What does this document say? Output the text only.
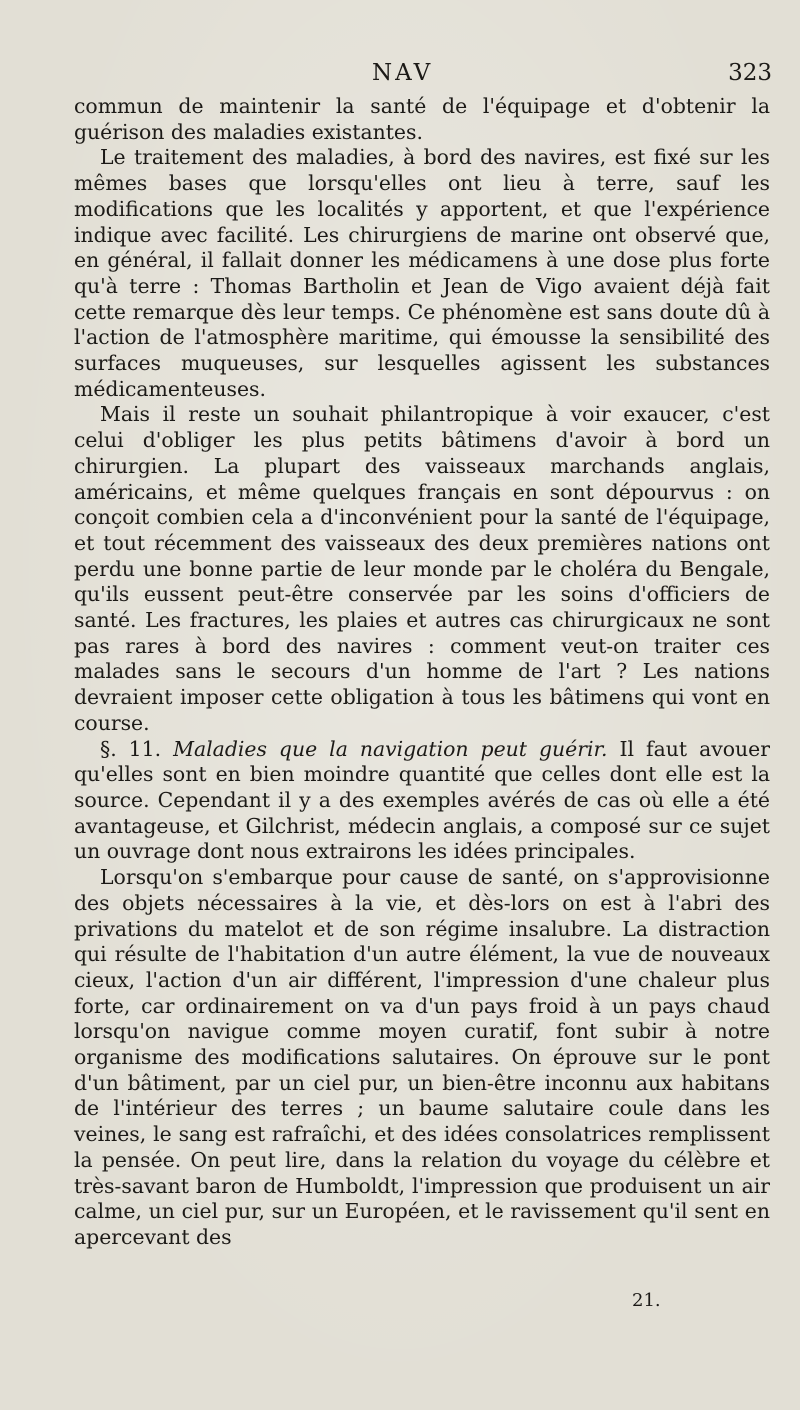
NAV	323

commun de maintenir la santé de l'équipage et d'obtenir la guérison des maladies existantes.

Le traitement des maladies, à bord des navires, est fixé sur les mêmes bases que lorsqu'elles ont lieu à terre, sauf les modifications que les localités y apportent, et que l'expérience indique avec facilité. Les chirurgiens de marine ont observé que, en général, il fallait donner les médicamens à une dose plus forte qu'à terre : Thomas Bartholin et Jean de Vigo avaient déjà fait cette remarque dès leur temps. Ce phénomène est sans doute dû à l'action de l'atmosphère maritime, qui émousse la sensibilité des surfaces muqueuses, sur lesquelles agissent les substances médicamenteuses.

Mais il reste un souhait philantropique à voir exaucer, c'est celui d'obliger les plus petits bâtimens d'avoir à bord un chirurgien. La plupart des vaisseaux marchands anglais, américains, et même quelques français en sont dépourvus : on conçoit combien cela a d'inconvénient pour la santé de l'équipage, et tout récemment des vaisseaux des deux premières nations ont perdu une bonne partie de leur monde par le choléra du Bengale, qu'ils eussent peut-être conservée par les soins d'officiers de santé. Les fractures, les plaies et autres cas chirurgicaux ne sont pas rares à bord des navires : comment veut-on traiter ces malades sans le secours d'un homme de l'art ? Les nations devraient imposer cette obligation à tous les bâtimens qui vont en course.

§. 11. Maladies que la navigation peut guérir. Il faut avouer qu'elles sont en bien moindre quantité que celles dont elle est la source. Cependant il y a des exemples avérés de cas où elle a été avantageuse, et Gilchrist, médecin anglais, a composé sur ce sujet un ouvrage dont nous extrairons les idées principales.

Lorsqu'on s'embarque pour cause de santé, on s'approvisionne des objets nécessaires à la vie, et dès-lors on est à l'abri des privations du matelot et de son régime insalubre. La distraction qui résulte de l'habitation d'un autre élément, la vue de nouveaux cieux, l'action d'un air différent, l'impression d'une chaleur plus forte, car ordinairement on va d'un pays froid à un pays chaud lorsqu'on navigue comme moyen curatif, font subir à notre organisme des modifications salutaires. On éprouve sur le pont d'un bâtiment, par un ciel pur, un bien-être inconnu aux habitans de l'intérieur des terres ; un baume salutaire coule dans les veines, le sang est rafraîchi, et des idées consolatrices remplissent la pensée. On peut lire, dans la relation du voyage du célèbre et très-savant baron de Humboldt, l'impression que produisent un air calme, un ciel pur, sur un Européen, et le ravissement qu'il sent en apercevant des

21.
